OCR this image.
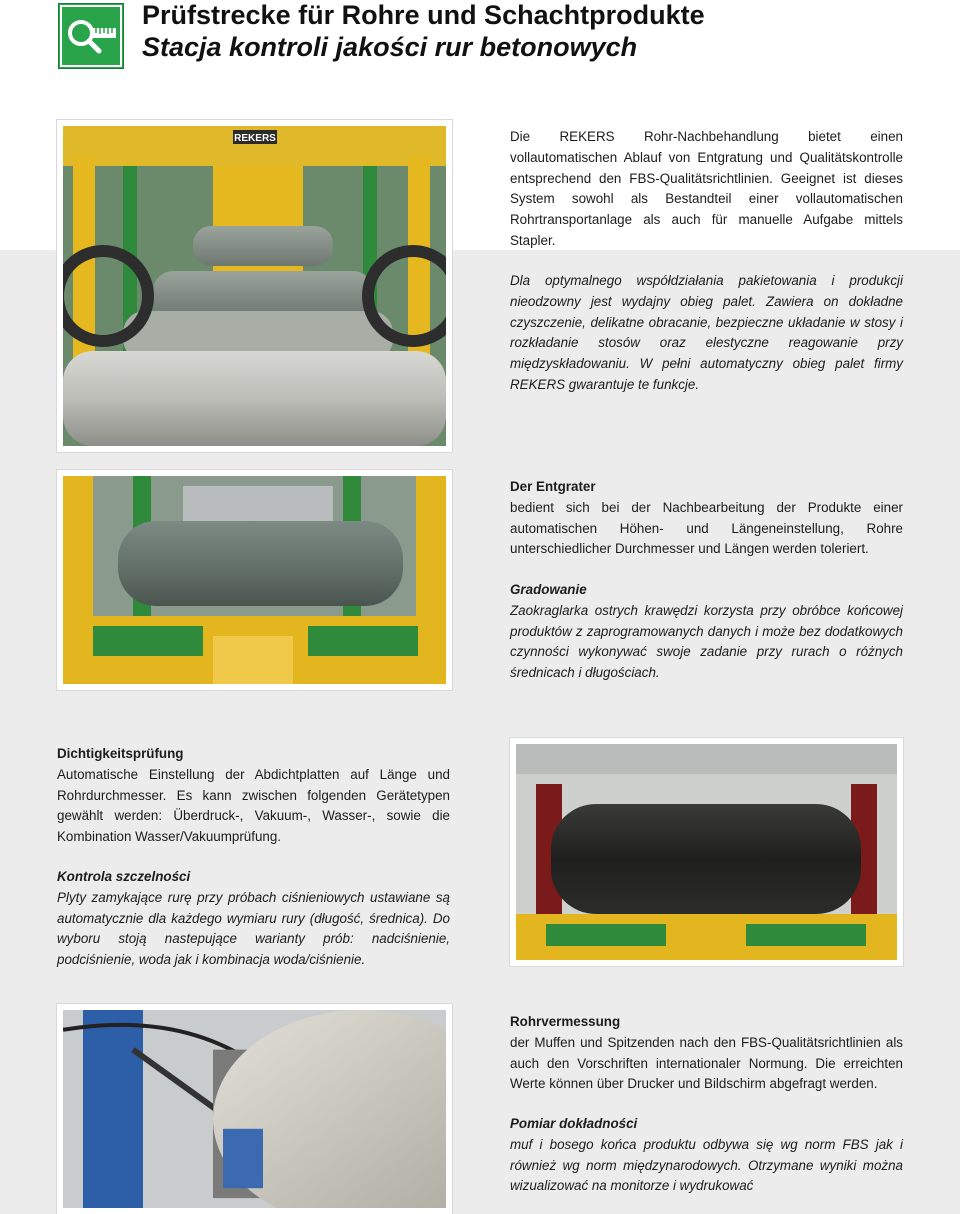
Prüfstrecke für Rohre und Schachtprodukte
Stacja kontroli jakości rur betonowych
REKERS	Die REKERS Rohr-Nachbehandlung bietet einen vollautomatischen Ablauf von Entgratung und Qualitätskontrolle entsprechend den FBS-Qualitätsrichtlinien. Geeignet ist dieses System sowohl als Bestandteil einer vollautomatischen Rohrtransportanlage als auch für manuelle Aufgabe mittels Stapler.

Dla optymalnego współdziałania pakietowania i produkcji nieodzowny jest wydajny obieg palet. Zawiera on dokładne czyszczenie, delikatne obracanie, bezpieczne układanie w stosy i rozkładanie stosów oraz elestyczne reagowanie przy międzyskładowaniu. W pełni automatyczny obieg palet firmy REKERS gwarantuje te funkcje.

Der Entgrater

bedient sich bei der Nachbearbeitung der Produkte einer automatischen Höhen- und Längeneinstellung, Rohre unterschiedlicher Durchmesser und Längen werden toleriert.

Gradowanie

Zaokraglarka ostrych krawędzi korzysta przy obróbce końcowej produktów z zaprogramowanych danych i może bez dodatkowych czynności wykonywać swoje zadanie przy rurach o różnych średnicach i długościach.

Dichtigkeitsprüfung

Automatische Einstellung der Abdichtplatten auf Länge und Rohrdurchmesser. Es kann zwischen folgenden Gerätetypen gewählt werden: Überdruck-, Vakuum-, Wasser-, sowie die Kombination Wasser/Vakuumprüfung.

Kontrola szczelności

Plyty zamykające rurę przy próbach ciśnieniowych ustawiane są automatycznie dla każdego wymiaru rury (długość, średnica). Do wyboru stoją nastepujące warianty prób: nadciśnienie, podciśnienie, woda jak i kombinacja woda/ciśnienie.

Rohrvermessung

der Muffen und Spitzenden nach den FBS-Qualitätsrichtlinien als auch den Vorschriften internationaler Normung. Die erreichten Werte können über Drucker und Bildschirm abgefragt werden.

Pomiar dokładności

muf i bosego końca produktu odbywa się wg norm FBS jak i również wg norm międzynarodowych. Otrzymane wyniki można wizualizować na monitorze i wydrukować
